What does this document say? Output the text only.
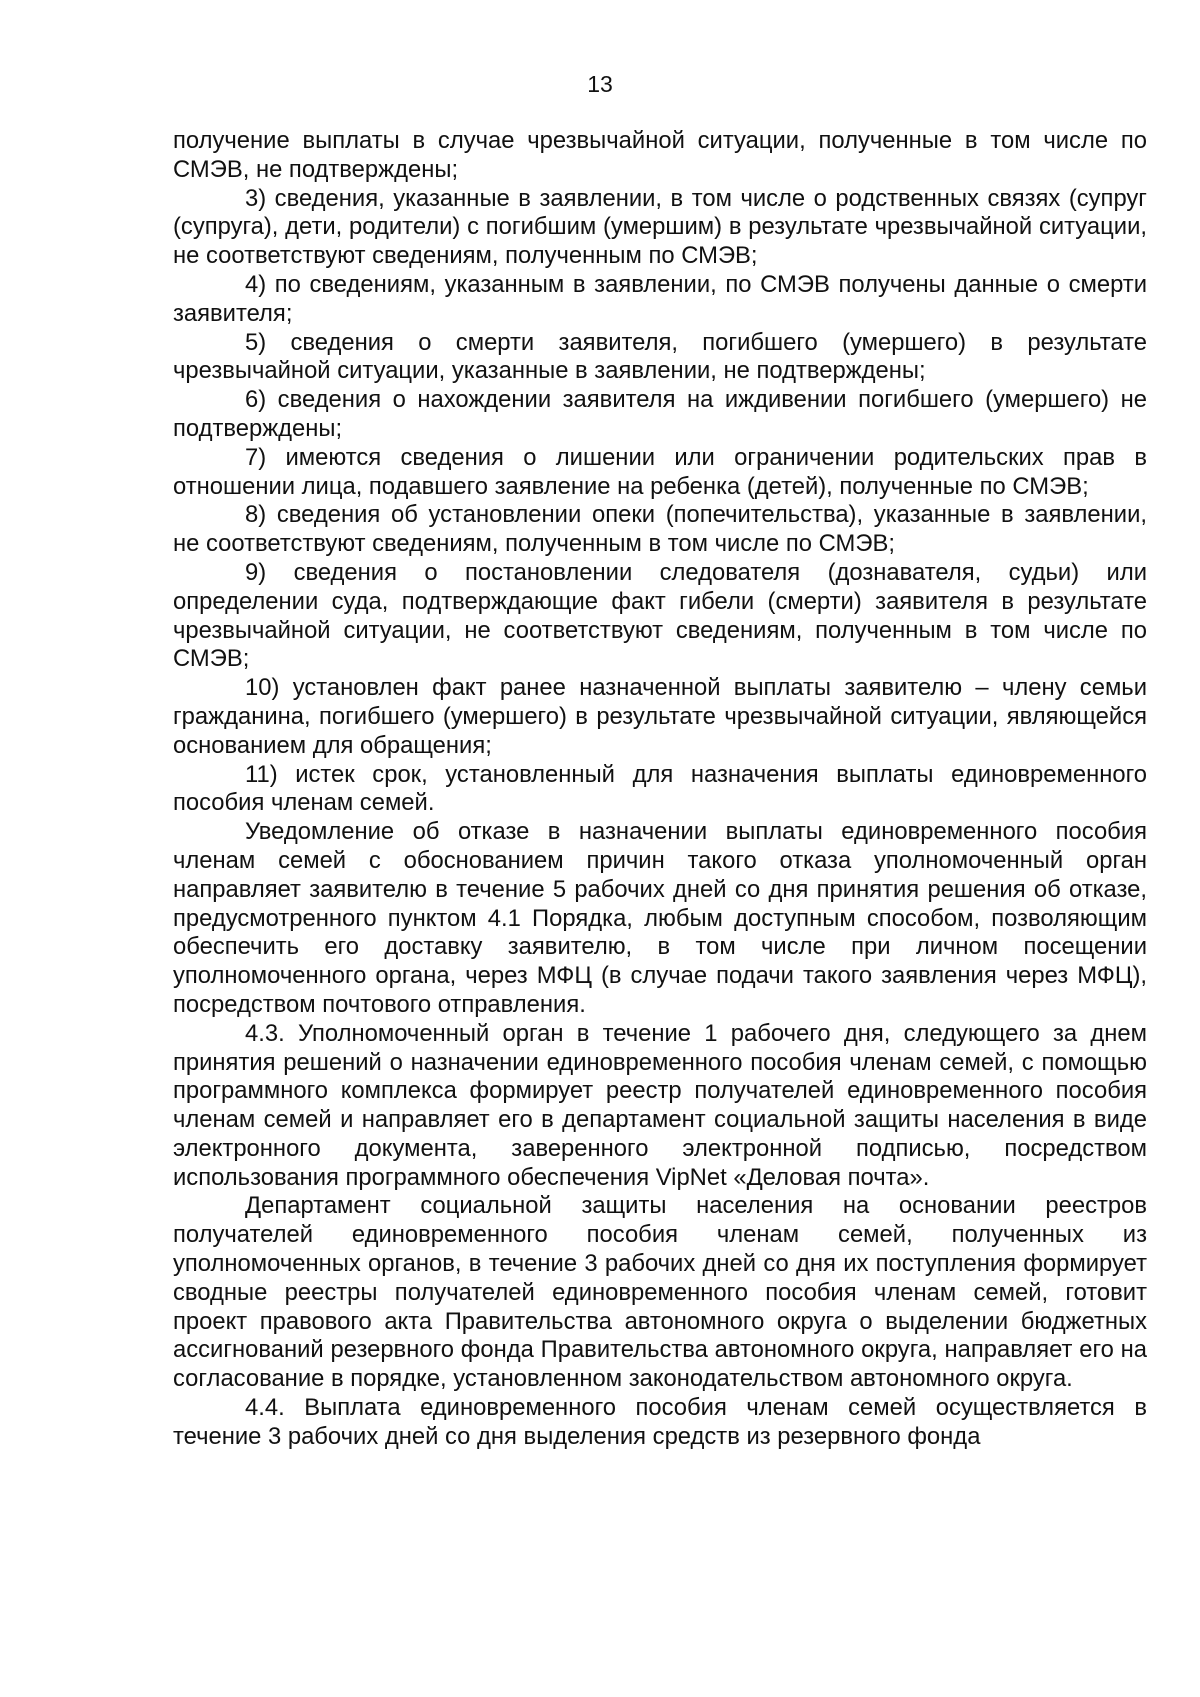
13

получение выплаты в случае чрезвычайной ситуации, полученные в том числе по СМЭВ, не подтверждены;

3) сведения, указанные в заявлении, в том числе о родственных связях (супруг (супруга), дети, родители) с погибшим (умершим) в результате чрезвычайной ситуации, не соответствуют сведениям, полученным по СМЭВ;

4) по сведениям, указанным в заявлении, по СМЭВ получены данные о смерти заявителя;

5) сведения о смерти заявителя, погибшего (умершего) в результате чрезвычайной ситуации, указанные в заявлении, не подтверждены;

6) сведения о нахождении заявителя на иждивении погибшего (умершего) не подтверждены;

7) имеются сведения о лишении или ограничении родительских прав в отношении лица, подавшего заявление на ребенка (детей), полученные по СМЭВ;

8) сведения об установлении опеки (попечительства), указанные в заявлении, не соответствуют сведениям, полученным в том числе по СМЭВ;

9) сведения о постановлении следователя (дознавателя, судьи) или определении суда, подтверждающие факт гибели (смерти) заявителя в результате чрезвычайной ситуации, не соответствуют сведениям, полученным в том числе по СМЭВ;

10) установлен факт ранее назначенной выплаты заявителю – члену семьи гражданина, погибшего (умершего) в результате чрезвычайной ситуации, являющейся основанием для обращения;

11) истек срок, установленный для назначения выплаты единовременного пособия членам семей.

Уведомление об отказе в назначении выплаты единовременного пособия членам семей с обоснованием причин такого отказа уполномоченный орган направляет заявителю в течение 5 рабочих дней со дня принятия решения об отказе, предусмотренного пунктом 4.1 Порядка, любым доступным способом, позволяющим обеспечить его доставку заявителю, в том числе при личном посещении уполномоченного органа, через МФЦ (в случае подачи такого заявления через МФЦ), посредством почтового отправления.

4.3. Уполномоченный орган в течение 1 рабочего дня, следующего за днем принятия решений о назначении единовременного пособия членам семей, с помощью программного комплекса формирует реестр получателей единовременного пособия членам семей и направляет его в департамент социальной защиты населения в виде электронного документа, заверенного электронной подписью, посредством использования программного обеспечения VipNet «Деловая почта».

Департамент социальной защиты населения на основании реестров получателей единовременного пособия членам семей, полученных из уполномоченных органов, в течение 3 рабочих дней со дня их поступления формирует сводные реестры получателей единовременного пособия членам семей, готовит проект правового акта Правительства автономного округа о выделении бюджетных ассигнований резервного фонда Правительства автономного округа, направляет его на согласование в порядке, установленном законодательством автономного округа.

4.4. Выплата единовременного пособия членам семей осуществляется в течение 3 рабочих дней со дня выделения средств из резервного фонда
